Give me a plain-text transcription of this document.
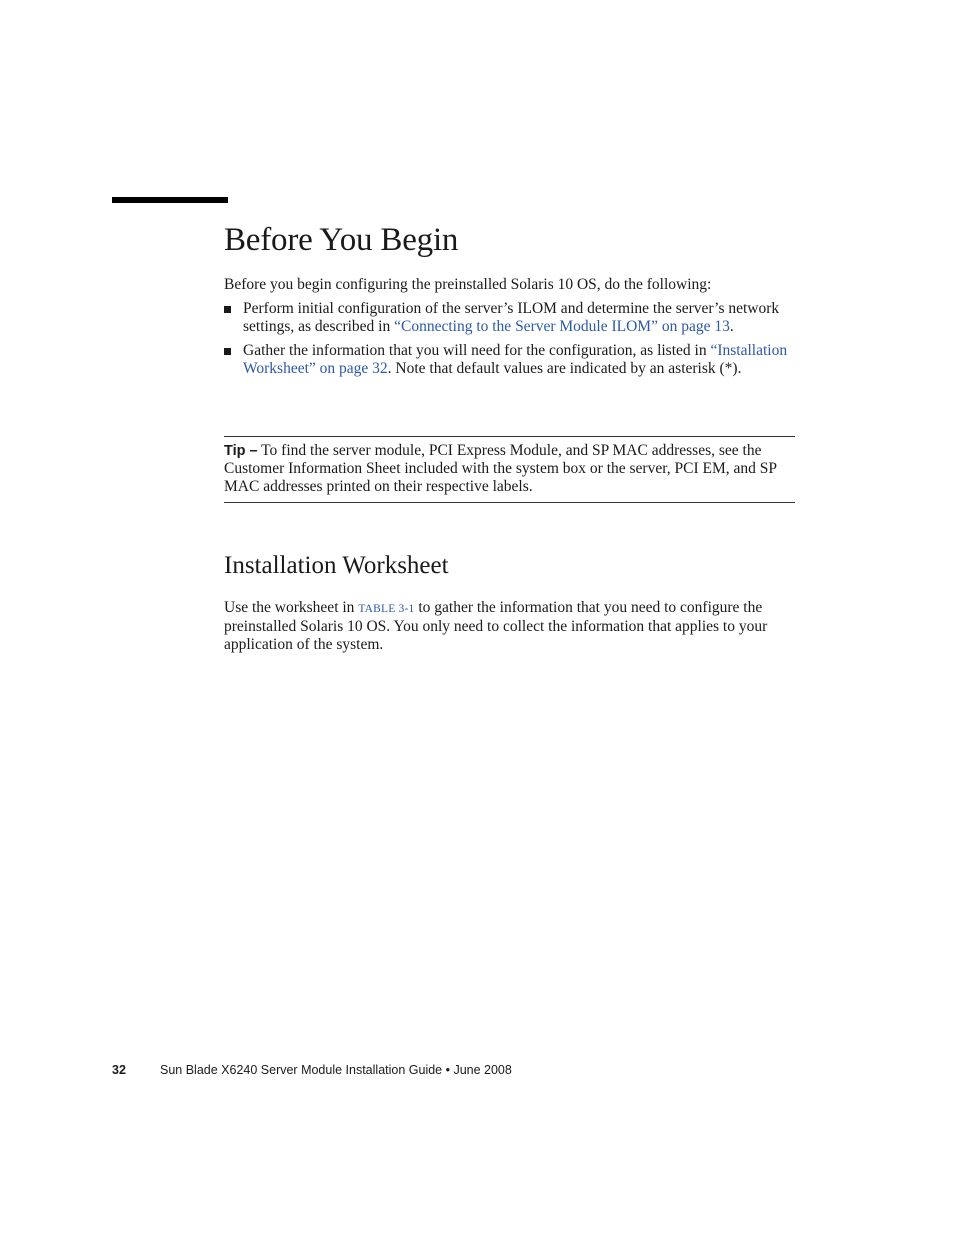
Before You Begin

Before you begin configuring the preinstalled Solaris 10 OS, do the following:

Perform initial configuration of the server’s ILOM and determine the server’s network settings, as described in “Connecting to the Server Module ILOM” on page 13.
Gather the information that you will need for the configuration, as listed in “Installation Worksheet” on page 32. Note that default values are indicated by an asterisk (*).
Tip – To find the server module, PCI Express Module, and SP MAC addresses, see the Customer Information Sheet included with the system box or the server, PCI EM, and SP MAC addresses printed on their respective labels.
Installation Worksheet

Use the worksheet in TABLE 3-1 to gather the information that you need to configure the preinstalled Solaris 10 OS. You only need to collect the information that applies to your application of the system.

32	Sun Blade X6240 Server Module Installation Guide • June 2008
